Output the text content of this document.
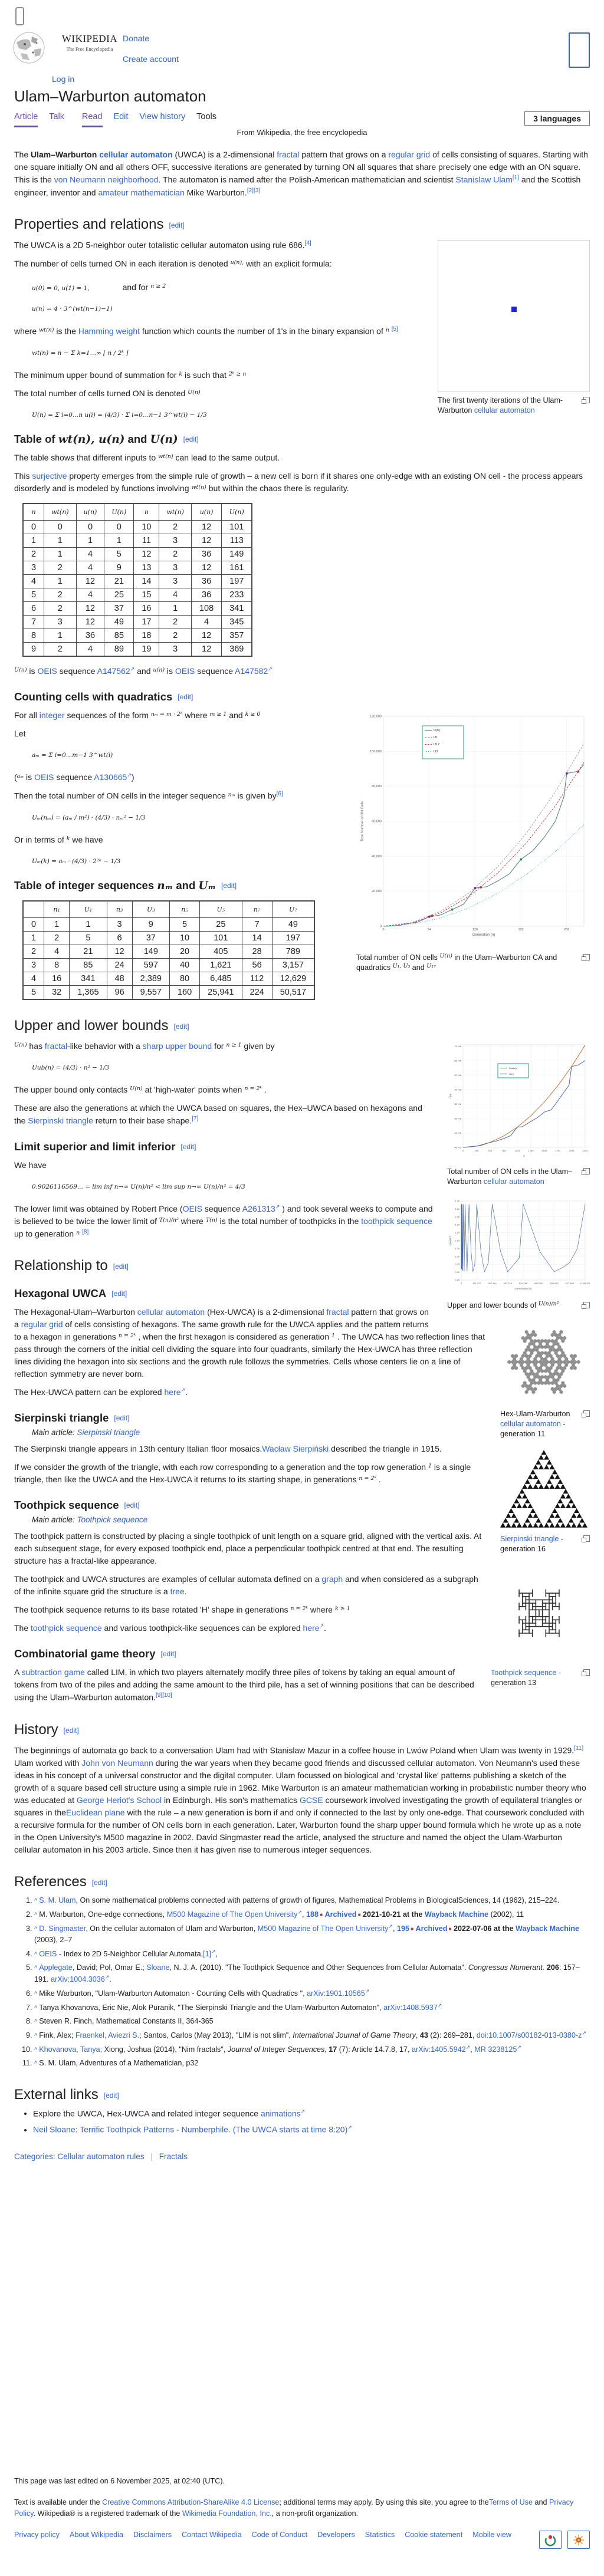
WIKIPEDIA
The Free Encyclopedia
Donate
Create account
Log in
Ulam–Warburton automaton
Article Talk Read Edit View history Tools	3 languages
From Wikipedia, the free encyclopedia

The Ulam–Warburton cellular automaton (UWCA) is a 2-dimensional fractal pattern that grows on a regular grid of cells consisting of squares. Starting with one square initially ON and all others OFF, successive iterations are generated by turning ON all squares that share precisely one edge with an ON square. This is the von Neumann neighborhood. The automaton is named after the Polish-American mathematician and scientist Stanislaw Ulam[1] and the Scottish engineer, inventor and amateur mathematician Mike Warburton.[2][3]

Properties and relations [edit]
The first twenty iterations of the Ulam-Warburton cellular automaton

The UWCA is a 2D 5-neighbor outer totalistic cellular automaton using rule 686.[4]

The number of cells turned ON in each iteration is denoted $^{u(n),}$ with an explicit formula:

u(0) = 0, u(1) = 1,	and for $^{n \ge 2}$
u(n) = 4 · 3^(wt(n−1)−1)

where $^{wt(n)}$ is the Hamming weight function which counts the number of 1's in the binary expansion of $^n$ [5]

wt(n) = n − Σ k=1…∞ ⌊ n ∕ 2ᵏ ⌋

The minimum upper bound of summation for $^k$ is such that $^{2ᵏ \ge n}$

The total number of cells turned ON is denoted $^{U(n)}$

U(n) = Σ i=0…n u(i) = (4∕3) · Σ i=0…n−1 3^wt(i) − 1∕3
Table of wt(n), u(n) and U(n) [edit]

The table shows that different inputs to $^{wt(n)}$ can lead to the same output.

This surjective property emerges from the simple rule of growth – a new cell is born if it shares one only-edge with an existing ON cell - the process appears disorderly and is modeled by functions involving $^{wt(n)}$ but within the chaos there is regularity.

n	wt(n)	u(n)	U(n)	n	wt(n)	u(n)	U(n)
0	0	0	0	10	2	12	101
1	1	1	1	11	3	12	113
2	1	4	5	12	2	36	149
3	2	4	9	13	3	12	161
4	1	12	21	14	3	36	197
5	2	4	25	15	4	36	233
6	2	12	37	16	1	108	341
7	3	12	49	17	2	4	345
8	1	36	85	18	2	12	357
9	2	4	89	19	3	12	369

$^{U(n)}$ is OEIS sequence A147562↗ and $^{u(n)}$ is OEIS sequence A147582↗

Counting cells with quadratics [edit]
0	64	128	192	256
0
20,000
40,000
60,000
80,000
100,000
120,000
Generation (n)
Total Number of ON Cells
U(n)
U1
U17
U3
Total number of ON cells $^{U(n)}$ in the Ulam–Warburton CA and quadratics $^{U_1, U_3}$ and $^{U_{17}}$

For all integer sequences of the form $^{n_m = m \cdot 2ᵏ}$ where $^{m \ge 1}$ and $^{k \ge 0}$

Let

aₘ = Σ i=0…m−1 3^wt(i)

($^{a_m}$ is OEIS sequence A130665↗)

Then the total number of ON cells in the integer sequence $^{n_m}$ is given by[6]

Uₘ(nₘ) = (aₘ ∕ m²) · (4∕3) · nₘ² − 1∕3

Or in terms of $^k$ we have

Uₘ(k) = aₘ · (4∕3) · 2²ᵏ − 1∕3
Table of integer sequences nₘ and Uₘ [edit]
	n₁	U₁	n₃	U₃	n₅	U₅	n₇	U₇
0	1	1	3	9	5	25	7	49
1	2	5	6	37	10	101	14	197
2	4	21	12	149	20	405	28	789
3	8	85	24	597	40	1,621	56	3,157
4	16	341	48	2,389	80	6,485	112	12,629
5	32	1,365	96	9,557	160	25,941	224	50,517
Upper and lower bounds [edit]
0	256	512	768	1024	1280	1536	1792	2048	2304
0E+00
1E+06
2E+06
3E+06
4E+06
5E+06
6E+06
7E+06
n
U(n)
Usub(n)
U(n)
Total number of ON cells in the Ulam–Warburton cellular automaton

$^{U(n)}$ has fractal-like behavior with a sharp upper bound for $^{n \ge 1}$ given by

Uub(n) = (4∕3) · n² − 1∕3

The upper bound only contacts $^{U(n)}$ at 'high-water' points when $^{n = 2ᵏ}$ .

These are also the generations at which the UWCA based on squares, the Hex–UWCA based on hexagons and the Sierpinski triangle return to their base shape.[7]

Limit superior and limit inferior [edit]
0	131,072	262,144	393,216	524,288	655,360	786,432	917,504	1,048,576
0.85
0.90
0.95
1.00
1.05
1.10
1.15
1.20
1.25
1.30
1.35
Generation (n)
U(n)/n^2
Upper and lower bounds of $^{U(n)∕n^2}$

We have

0.9026116569... = lim inf n→∞ U(n)∕n² < lim sup n→∞ U(n)∕n² = 4∕3

The lower limit was obtained by Robert Price (OEIS sequence A261313↗ ) and took several weeks to compute and is believed to be twice the lower limit of $^{T(n)∕n^2}$ where $^{T(n)}$ is the total number of toothpicks in the toothpick sequence up to generation $^n$ [8]

Relationship to [edit]
Hexagonal UWCA [edit]
Hex-Ulam-Warburton cellular automaton - generation 11

The Hexagonal-Ulam–Warburton cellular automaton (Hex-UWCA) is a 2-dimensional fractal pattern that grows on a regular grid of cells consisting of hexagons. The same growth rule for the UWCA applies and the pattern returns to a hexagon in generations $^{n = 2ᵏ}$ , when the first hexagon is considered as generation $^1$ . The UWCA has two reflection lines that pass through the corners of the initial cell dividing the square into four quadrants, similarly the Hex-UWCA has three reflection lines dividing the hexagon into six sections and the growth rule follows the symmetries. Cells whose centers lie on a line of reflection symmetry are never born.

The Hex-UWCA pattern can be explored here↗.

Sierpinski triangle [edit]
Sierpinski triangle - generation 16
Main article: Sierpinski triangle

The Sierpinski triangle appears in 13th century Italian floor mosaics.Wacław Sierpiński described the triangle in 1915.

If we consider the growth of the triangle, with each row corresponding to a generation and the top row generation $^1$ is a single triangle, then like the UWCA and the Hex-UWCA it returns to its starting shape, in generations $^{n = 2ᵏ}$ .

Toothpick sequence [edit]
Toothpick sequence - generation 13
Main article: Toothp​ick sequence

The toothpick pattern is constructed by placing a single toothpick of unit length on a square grid, aligned with the vertical axis. At each subsequent stage, for every exposed toothpick end, place a perpendicular toothpick centred at that end. The resulting structure has a fractal-like appearance.

The toothpick and UWCA structures are examples of cellular automata defined on a graph and when considered as a subgraph of the infinite square grid the structure is a tree.

The toothpick sequence returns to its base rotated 'H' shape in generations $^{n = 2ᵏ}$ where $^{k \ge 1}$

The toothpick sequence and various toothpick-like sequences can be explored here↗.

Combinatorial game theory [edit]

A subtraction game called LIM, in which two players alternately modify three piles of tokens by taking an equal amount of tokens from two of the piles and adding the same amount to the third pile, has a set of winning positions that can be described using the Ulam–Warburton automaton.[9][10]

History [edit]

The beginnings of automata go back to a conversation Ulam had with Stanislaw Mazur in a coffee house in Lwów Poland when Ulam was twenty in 1929.[11] Ulam worked with John von Neumann during the war years when they became good friends and discussed cellular automaton. Von Neumann's used these ideas in his concept of a universal constructor and the digital computer. Ulam focussed on biological and 'crystal like' patterns publishing a sketch of the growth of a square based cell structure using a simple rule in 1962. Mike Warburton is an amateur mathematician working in probabilistic number theory who was educated at George Heriot's School in Edinburgh. His son's mathematics GCSE coursework involved investigating the growth of equilateral triangles or squares in theEuclidean plane with the rule – a new generation is born if and only if connected to the last by only one-edge. That coursework concluded with a recursive formula for the number of ON cells born in each generation. Later, Warburton found the sharp upper bound formula which he wrote up as a note in the Open University's M500 magazine in 2002. David Singmaster read the article, analysed the structure and named the object the Ulam-Warburton cellular automaton in his 2003 article. Since then it has given rise to numerous integer sequences.

References [edit]
1. ^ S. M. Ulam, On some mathematical problems connected with patterns of growth of figures, Mathematical Problems in BiologicalSciences, 14 (1962), 215–224.
2. ^ M. Warburton, One-edge connections, M500 Magazine of The Open University↗, 188 ■ Archived ■ 2021-10-21 at the Wayback Machine (2002), 11
3. ^ D. Singmaster, On the cellular automaton of Ulam and Warburton, M500 Magazine of The Open University↗, 195 ■ Archived ■ 2022-07-06 at the Wayback Machine (2003), 2–7
4. ^ OEIS - Index to 2D 5-Neighbor Cellular Automata,[1]↗,
5. ^ Applegate, David; Pol, Omar E.; Sloane, N. J. A. (2010). "The Toothpick Sequence and Other Sequences from Cellular Automata". Congressus Numerant. 206: 157–191. arXiv:1004.3036↗.
6. ^ Mike Warburton, "Ulam-Warburton Automaton - Counting Cells with Quadratics ", arXiv:1901.10565↗
7. ^ Tanya Khovanova, Eric Nie, Alok Puranik, "The Sierpinski Triangle and the Ulam-Warburton Automaton", arXiv:1408.5937↗
8. ^ Steven R. Finch, Mathematical Constants II, 364-365
9. ^ Fink, Alex; Fraenkel, Aviezri S.; Santos, Carlos (May 2013), "LIM is not slim", International Journal of Game Theory, 43 (2): 269–281, doi:10.1007/s00182-013-0380-z↗
10. ^ Khovanova, Tanya; Xiong, Joshua (2014), "Nim fractals", Journal of Integer Sequences, 17 (7): Article 14.7.8, 17, arXiv:1405.5942↗, MR 3238125↗
11. ^ S. M. Ulam, Adventures of a Mathematician, p32
External links [edit]
• Explore the UWCA, Hex-UWCA and related integer sequence animations↗
• Neil Sloane: Terrific Toothpick Patterns - Numberphile. (The UWCA starts at time 8:20)↗
Categories: Cellular automaton rules | Fractals
This page was last edited on 6 November 2025, at 02:40 (UTC).
Text is available under the Creative Commons Attribution-ShareAlike 4.0 License; additional terms may apply. By using this site, you agree to theTerms of Use and Privacy Policy. Wikipedia® is a registered trademark of the Wikimedia Foundation, Inc., a non-profit organization.
Privacy policy About Wikipedia Disclaimers Contact Wikipedia Code of Conduct Developers Statistics Cookie statement Mobile view
